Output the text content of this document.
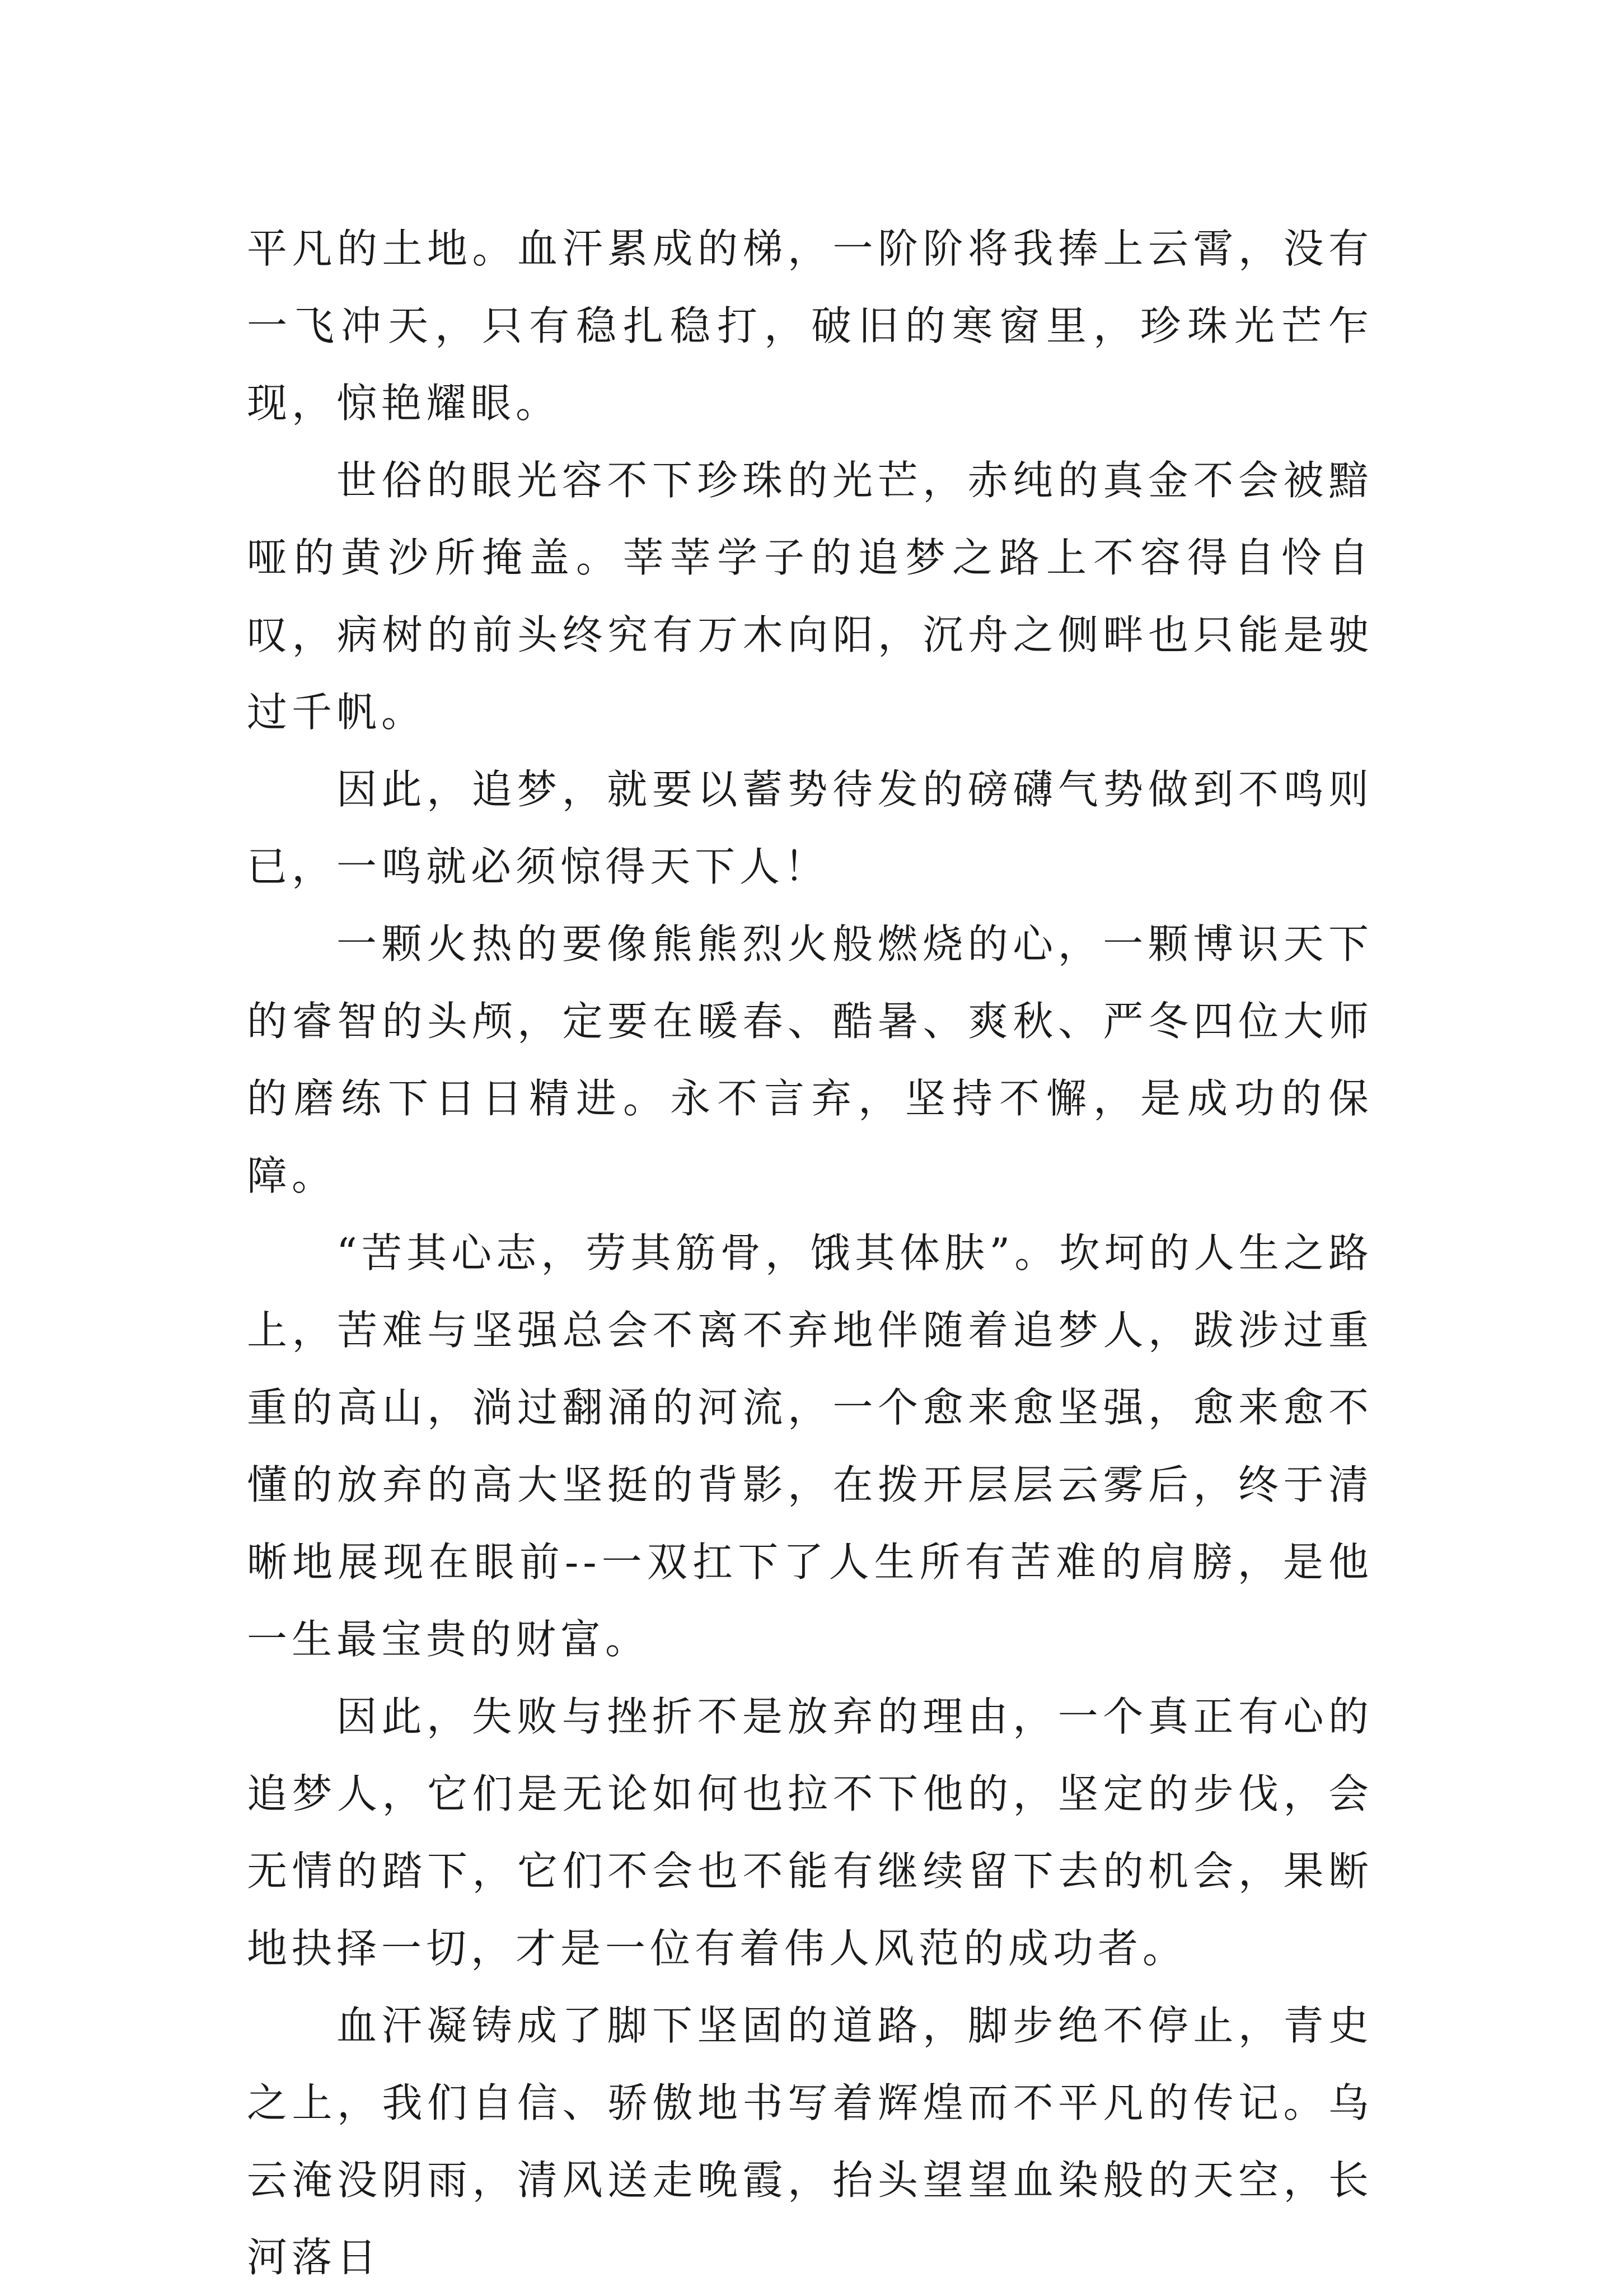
平凡的土地。血汗累成的梯，一阶阶将我捧上云霄，没有一飞冲天，只有稳扎稳打，破旧的寒窗里，珍珠光芒乍现，惊艳耀眼。

世俗的眼光容不下珍珠的光芒，赤纯的真金不会被黯哑的黄沙所掩盖。莘莘学子的追梦之路上不容得自怜自叹，病树的前头终究有万木向阳，沉舟之侧畔也只能是驶过千帆。

因此，追梦，就要以蓄势待发的磅礴气势做到不鸣则已，一鸣就必须惊得天下人！

一颗火热的要像熊熊烈火般燃烧的心，一颗博识天下的睿智的头颅，定要在暖春、酷暑、爽秋、严冬四位大师的磨练下日日精进。永不言弃，坚持不懈，是成功的保障。

“苦其心志，劳其筋骨，饿其体肤”。坎坷的人生之路上，苦难与坚强总会不离不弃地伴随着追梦人，跋涉过重重的高山，淌过翻涌的河流，一个愈来愈坚强，愈来愈不懂的放弃的高大坚挺的背影，在拨开层层云雾后，终于清晰地展现在眼前--一双扛下了人生所有苦难的肩膀，是他一生最宝贵的财富。

因此，失败与挫折不是放弃的理由，一个真正有心的追梦人，它们是无论如何也拉不下他的，坚定的步伐，会无情的踏下，它们不会也不能有继续留下去的机会，果断地抉择一切，才是一位有着伟人风范的成功者。

血汗凝铸成了脚下坚固的道路，脚步绝不停止，青史之上，我们自信、骄傲地书写着辉煌而不平凡的传记。乌云淹没阴雨，清风送走晚霞，抬头望望血染般的天空，长河落日
